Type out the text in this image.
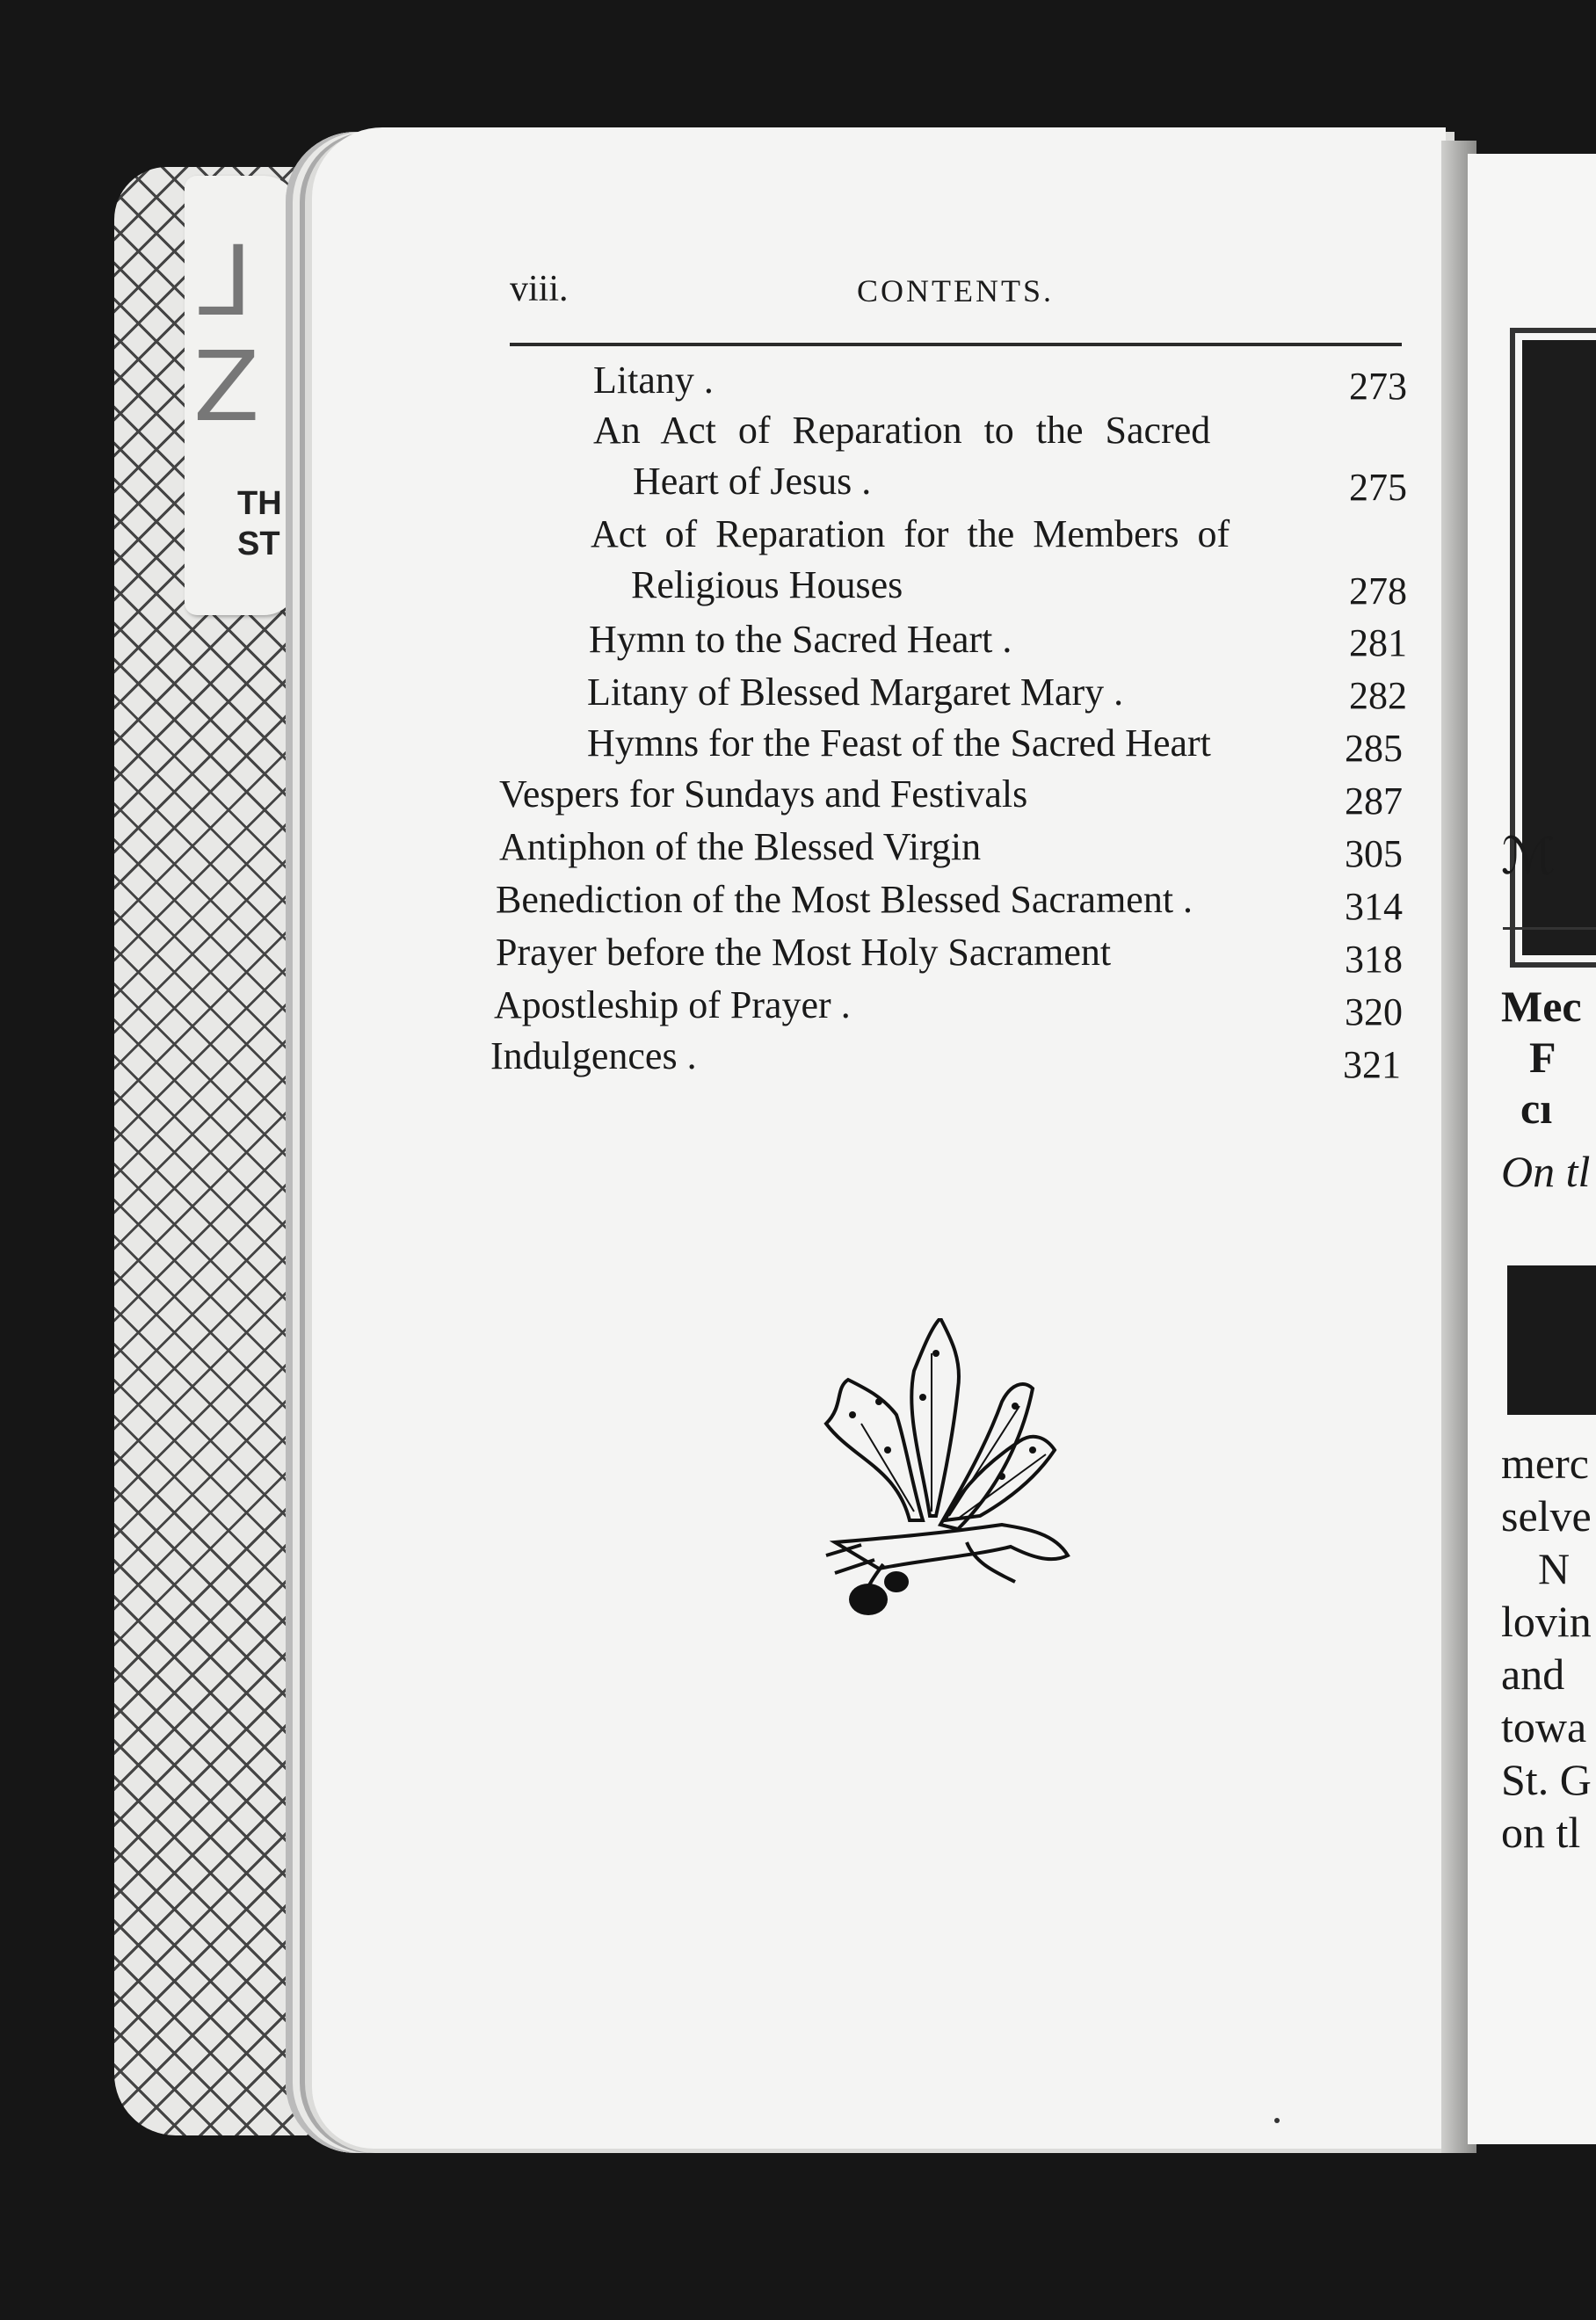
ᒧ
Z
TH
ST
ℳ
Mec
F
cı
On tl
merc
selve
N
lovin
and
towa
St. G
on tl
viii.	CONTENTS.
Litany .	273
An Act of Reparation to the Sacred
Heart of Jesus .	275
Act of Reparation for the Members of
Religious Houses	278
Hymn to the Sacred Heart .	281
Litany of Blessed Margaret Mary .	282
Hymns for the Feast of the Sacred Heart	285
Vespers for Sundays and Festivals	287
Antiphon of the Blessed Virgin	305
Benediction of the Most Blessed Sacrament .	314
Prayer before the Most Holy Sacrament	318
Apostleship of Prayer .	320
Indulgences .	321
